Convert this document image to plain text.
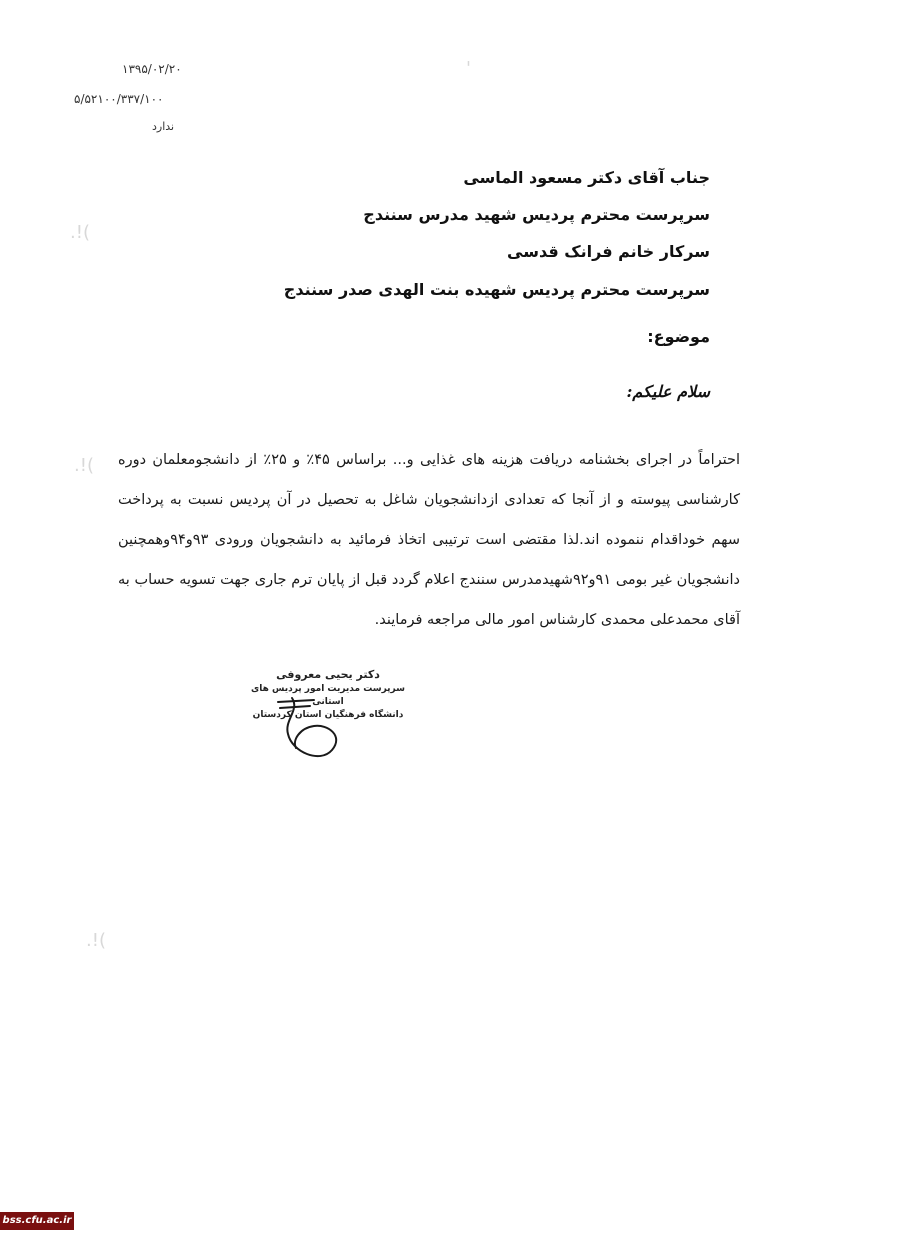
'
.!(
.!(
.!(
۱۳۹۵/۰۲/۲۰
۵/۵۲۱۰۰/۳۳۷/۱۰۰
ندارد
جناب آقای دکتر مسعود الماسی
سرپرست محترم پردیس شهید مدرس سنندج
سرکار خانم فرانک قدسی
سرپرست محترم پردیس شهیده بنت الهدی صدر سنندج
موضوع:
سلام علیکم:
احتراماً در اجرای بخشنامه دریافت هزینه های غذایی و... براساس ۴۵٪ و ۲۵٪ از دانشجومعلمان دوره کارشناسی پیوسته و از آنجا که تعدادی ازدانشجویان شاغل به تحصیل در آن پردیس نسبت به پرداخت سهم خوداقدام ننموده اند.لذا مقتضی است ترتیبی اتخاذ فرمائید به دانشجویان ورودی ۹۳و۹۴وهمچنین دانشجویان غیر بومی ۹۱و۹۲شهیدمدرس سنندج اعلام گردد قبل از پایان ترم جاری جهت تسویه حساب به آقای محمدعلی محمدی کارشناس امور مالی مراجعه فرمایند.
دکتر یحیی معروفی
سرپرست مدیریت امور پردیس های استانی
دانشگاه فرهنگیان استان کردستان
bss.cfu.ac.ir
